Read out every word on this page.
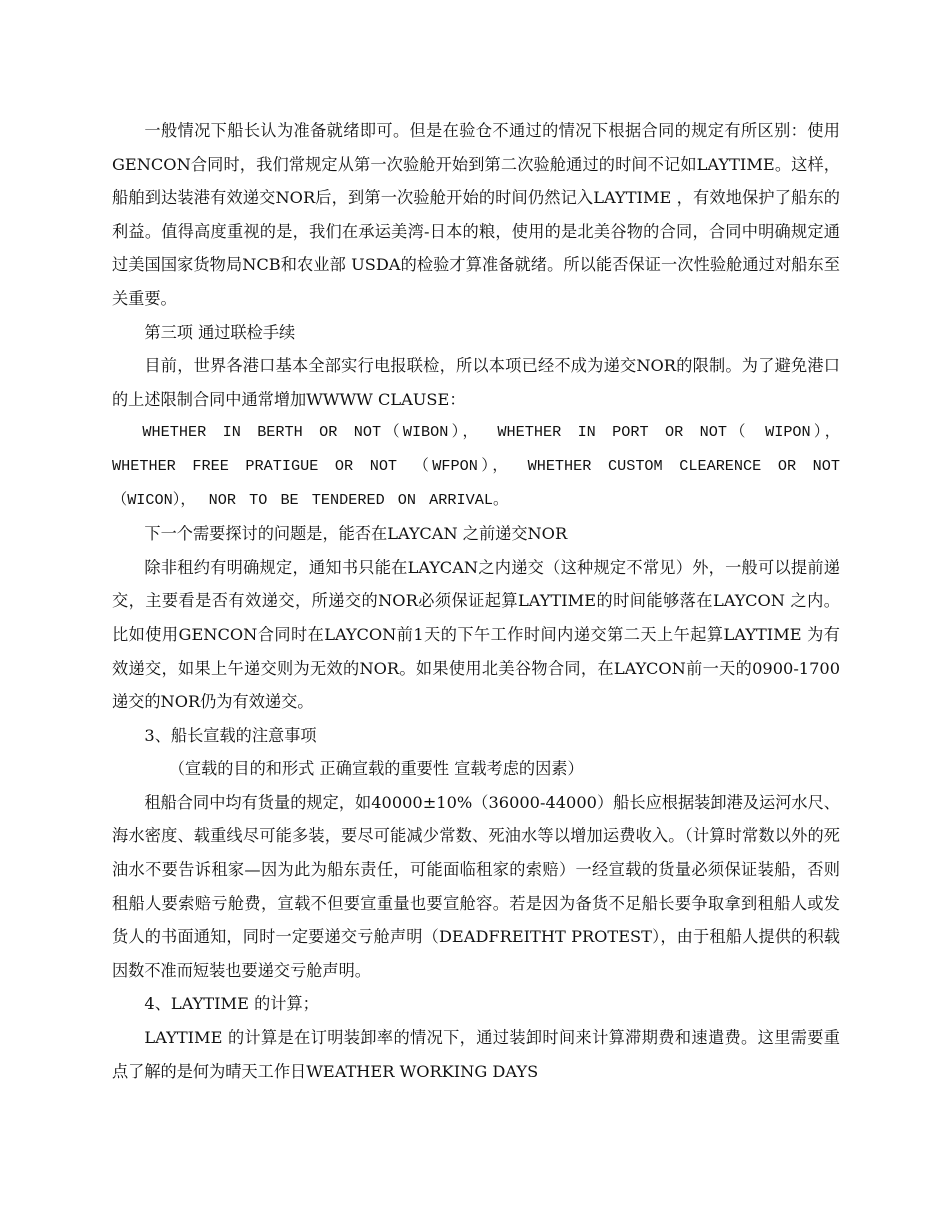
一般情况下船长认为准备就绪即可。但是在验仓不通过的情况下根据合同的规定有所区别：使用GENCON合同时，我们常规定从第一次验舱开始到第二次验舱通过的时间不记如LAYTIME。这样，船舶到达装港有效递交NOR后，到第一次验舱开始的时间仍然记入LAYTIME ，有效地保护了船东的利益。值得高度重视的是，我们在承运美湾-日本的粮，使用的是北美谷物的合同，合同中明确规定通过美国国家货物局NCB和农业部 USDA的检验才算准备就绪。所以能否保证一次性验舱通过对船东至关重要。

第三项 通过联检手续

目前，世界各港口基本全部实行电报联检，所以本项已经不成为递交NOR的限制。为了避免港口的上述限制合同中通常增加WWWW CLAUSE：

WHETHER IN BERTH OR NOT（WIBON）， WHETHER IN PORT OR NOT（ WIPON）， WHETHER FREE PRATIGUE OR NOT （WFPON）， WHETHER CUSTOM CLEARENCE OR NOT（WICON）， NOR TO BE TENDERED ON ARRIVAL。

下一个需要探讨的问题是，能否在LAYCAN 之前递交NOR

除非租约有明确规定，通知书只能在LAYCAN之内递交（这种规定不常见）外，一般可以提前递交，主要看是否有效递交，所递交的NOR必须保证起算LAYTIME的时间能够落在LAYCON 之内。比如使用GENCON合同时在LAYCON前1天的下午工作时间内递交第二天上午起算LAYTIME 为有效递交，如果上午递交则为无效的NOR。如果使用北美谷物合同，在LAYCON前一天的0900-1700递交的NOR仍为有效递交。

3、船长宣载的注意事项

（宣载的目的和形式 正确宣载的重要性 宣载考虑的因素）

租船合同中均有货量的规定，如40000±10%（36000-44000）船长应根据装卸港及运河水尺、海水密度、载重线尽可能多装，要尽可能减少常数、死油水等以增加运费收入。（计算时常数以外的死油水不要告诉租家—因为此为船东责任，可能面临租家的索赔）一经宣载的货量必须保证装船，否则租船人要索赔亏舱费，宣载不但要宣重量也要宣舱容。若是因为备货不足船长要争取拿到租船人或发货人的书面通知，同时一定要递交亏舱声明（DEADFREITHT PROTEST），由于租船人提供的积载因数不准而短装也要递交亏舱声明。

4、LAYTIME 的计算；

LAYTIME 的计算是在订明装卸率的情况下，通过装卸时间来计算滞期费和速遣费。这里需要重点了解的是何为晴天工作日WEATHER WORKING DAYS
